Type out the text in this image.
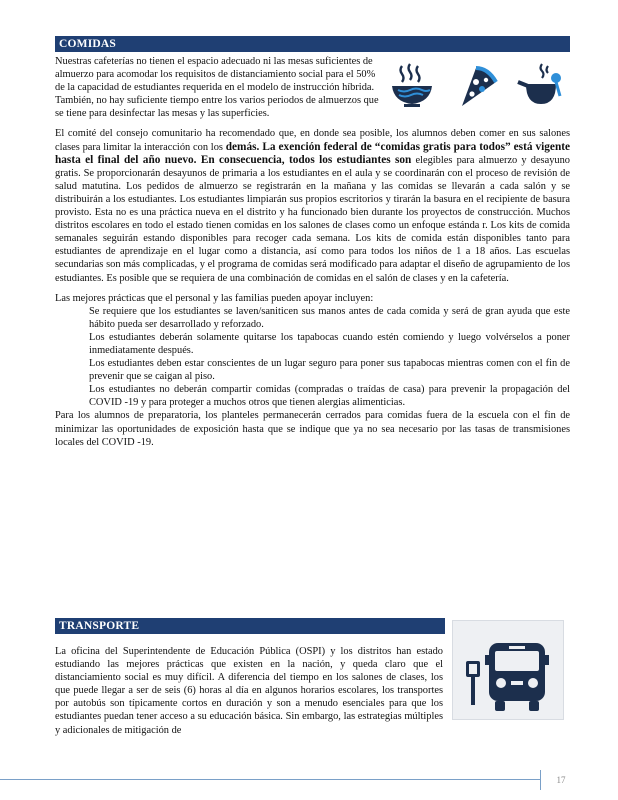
COMIDAS

Nuestras cafeterías no tienen el espacio adecuado ni las mesas suficientes de almuerzo para acomodar los requisitos de distanciamiento social para el 50% de la capacidad de estudiantes requerida en el modelo de instrucción híbrida. También, no hay suficiente tiempo entre los varios periodos de almuerzos que se tiene para desinfectar las mesas y las superficies.

El comité del consejo comunitario ha recomendado que, en donde sea posible, los alumnos deben comer en sus salones clases para limitar la interacción con los demás. La exención federal de “comidas gratis para todos” está vigente hasta el final del año nuevo. En consecuencia, todos los estudiantes son elegibles para almuerzo y desayuno gratis. Se proporcionarán desayunos de primaria a los estudiantes en el aula y se coordinarán con el proceso de revisión de salud matutina. Los pedidos de almuerzo se registrarán en la mañana y las comidas se llevarán a cada salón y se distribuirán a los estudiantes. Los estudiantes limpiarán sus propios escritorios y tirarán la basura en el recipiente de basura provisto. Esta no es una práctica nueva en el distrito y ha funcionado bien durante los proyectos de construcción. Muchos distritos escolares en todo el estado tienen comidas en los salones de clases como un enfoque estánda r. Los kits de comida semanales seguirán estando disponibles para recoger cada semana. Los kits de comida están disponibles tanto para estudiantes de aprendizaje en el lugar como a distancia, así como para todos los niños de 1 a 18 años. Las escuelas secundarias son más complicadas, y el programa de comidas será modificado para adaptar el diseño de agrupamiento de los estudiantes. Es posible que se requiera de una combinación de comidas en el salón de clases y en la cafetería.

Las mejores prácticas que el personal y las familias pueden apoyar incluyen:

Se requiere que los estudiantes se laven/saniticen sus manos antes de cada comida y será de gran ayuda que este hábito pueda ser desarrollado y reforzado.
Los estudiantes deberán solamente quitarse los tapabocas cuando estén comiendo y luego volvérselos a poner inmediatamente después.
Los estudiantes deben estar conscientes de un lugar seguro para poner sus tapabocas mientras comen con el fin de prevenir que se caigan al piso.
Los estudiantes no deberán compartir comidas (compradas o traídas de casa) para prevenir la propagación del COVID -19 y para proteger a muchos otros que tienen alergias alimenticias.

Para los alumnos de preparatoria, los planteles permanecerán cerrados para comidas fuera de la escuela con el fin de minimizar las oportunidades de exposición hasta que se indique que ya no sea necesario por las tasas de transmisiones locales del COVID -19.

TRANSPORTE

La oficina del Superintendente de Educación Pública (OSPI) y los distritos han estado estudiando las mejores prácticas que existen en la nación, y queda claro que el distanciamiento social es muy difícil. A diferencia del tiempo en los salones de clases, los que puede llegar a ser de seis (6) horas al día en algunos horarios escolares, los transportes por autobús son típicamente cortos en duración y son a menudo esenciales para que los estudiantes puedan tener acceso a su educación básica. Sin embargo, las estrategias múltiples y adicionales de mitigación de

17
